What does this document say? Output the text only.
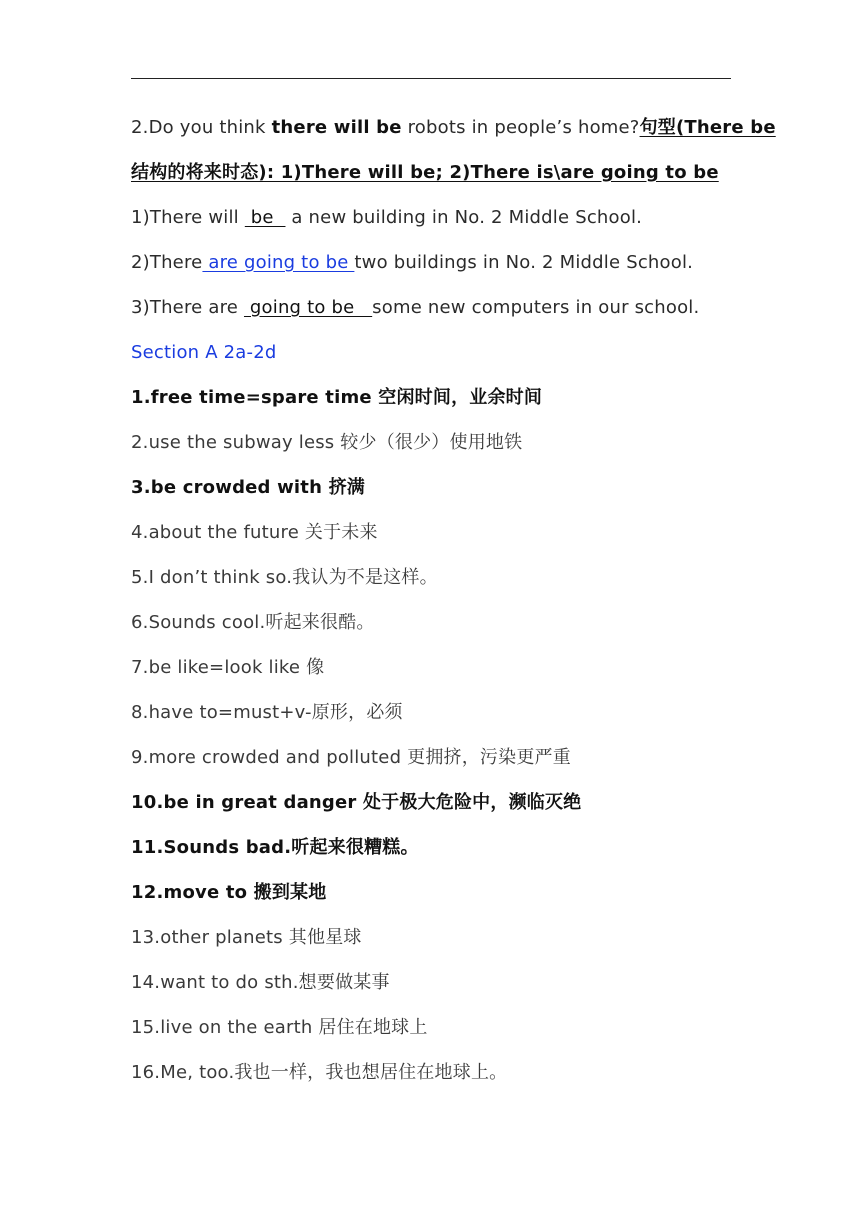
2.Do you think there will be robots in people’s home?句型(There be
结构的将来时态): 1)There will be; 2)There is\are going to be
1)There will  be   a new building in No. 2 Middle School.
2)There are going to be two buildings in No. 2 Middle School.
3)There are  going to be   some new computers in our school.
Section A 2a-2d
1.free time=spare time 空闲时间，业余时间
2.use the subway less 较少（很少）使用地铁
3.be crowded with 挤满
4.about the future 关于未来
5.I don’t think so.我认为不是这样。
6.Sounds cool.听起来很酷。
7.be like=look like 像
8.have to=must+v-原形，必须
9.more crowded and polluted 更拥挤，污染更严重
10.be in great danger 处于极大危险中，濒临灭绝
11.Sounds bad.听起来很糟糕。
12.move to 搬到某地
13.other planets 其他星球
14.want to do sth.想要做某事
15.live on the earth 居住在地球上
16.Me, too.我也一样，我也想居住在地球上。
